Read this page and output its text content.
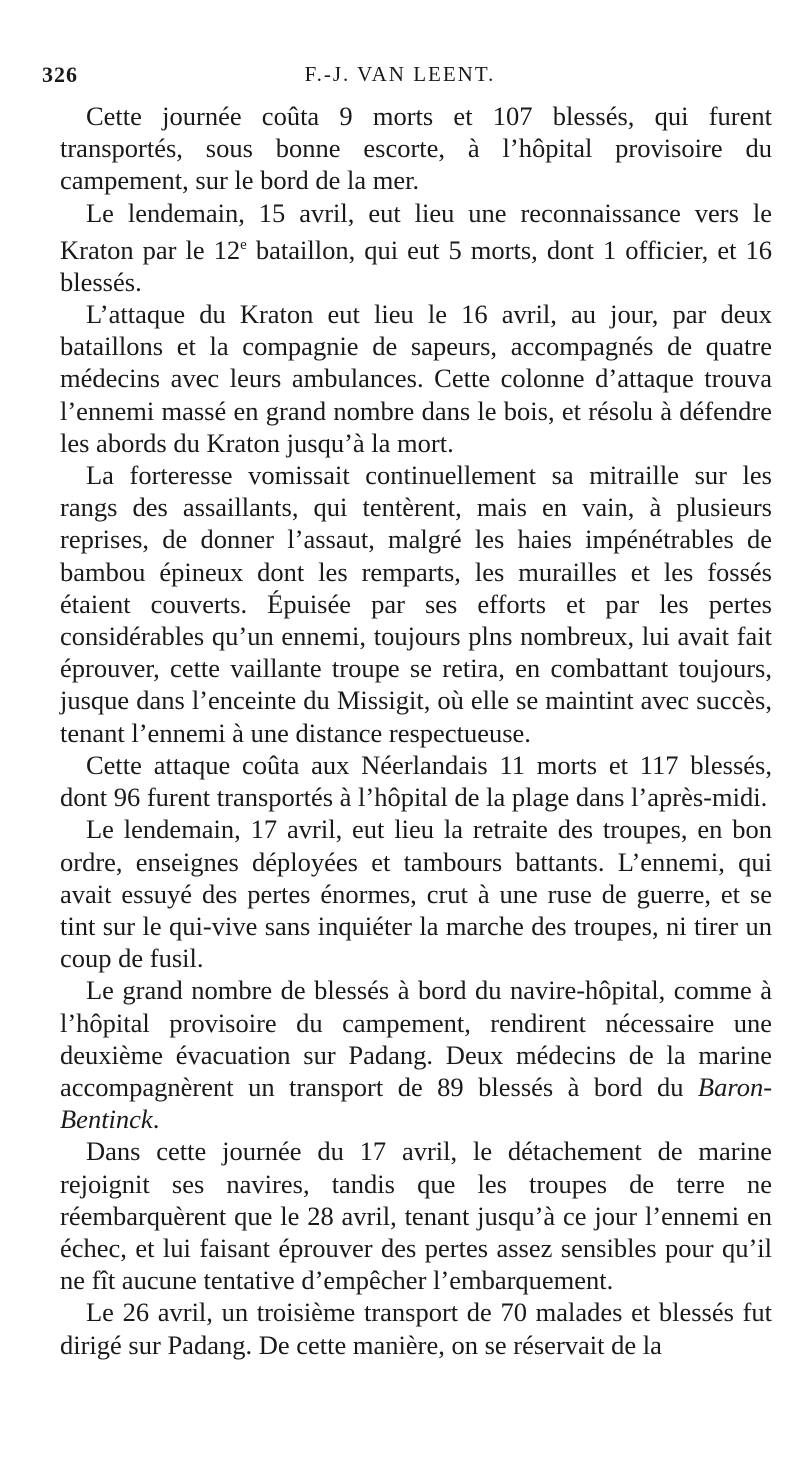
326	F.-J. VAN LEENT.

Cette journée coûta 9 morts et 107 blessés, qui furent transportés, sous bonne escorte, à l’hôpital provisoire du campement, sur le bord de la mer.

Le lendemain, 15 avril, eut lieu une reconnaissance vers le Kraton par le 12e bataillon, qui eut 5 morts, dont 1 officier, et 16 blessés.

L’attaque du Kraton eut lieu le 16 avril, au jour, par deux bataillons et la compagnie de sapeurs, accompagnés de quatre médecins avec leurs ambulances. Cette colonne d’attaque trouva l’ennemi massé en grand nombre dans le bois, et résolu à défendre les abords du Kraton jusqu’à la mort.

La forteresse vomissait continuellement sa mitraille sur les rangs des assaillants, qui tentèrent, mais en vain, à plusieurs reprises, de donner l’assaut, malgré les haies impénétrables de bambou épineux dont les remparts, les murailles et les fossés étaient couverts. Épuisée par ses efforts et par les pertes considérables qu’un ennemi, toujours plns nombreux, lui avait fait éprouver, cette vaillante troupe se retira, en combattant toujours, jusque dans l’enceinte du Missigit, où elle se maintint avec succès, tenant l’ennemi à une distance respectueuse.

Cette attaque coûta aux Néerlandais 11 morts et 117 blessés, dont 96 furent transportés à l’hôpital de la plage dans l’après-midi.

Le lendemain, 17 avril, eut lieu la retraite des troupes, en bon ordre, enseignes déployées et tambours battants. L’ennemi, qui avait essuyé des pertes énormes, crut à une ruse de guerre, et se tint sur le qui-vive sans inquiéter la marche des troupes, ni tirer un coup de fusil.

Le grand nombre de blessés à bord du navire-hôpital, comme à l’hôpital provisoire du campement, rendirent nécessaire une deuxième évacuation sur Padang. Deux médecins de la marine accompagnèrent un transport de 89 blessés à bord du Baron-Bentinck.

Dans cette journée du 17 avril, le détachement de marine rejoignit ses navires, tandis que les troupes de terre ne réembarquèrent que le 28 avril, tenant jusqu’à ce jour l’ennemi en échec, et lui faisant éprouver des pertes assez sensibles pour qu’il ne fît aucune tentative d’empêcher l’embarquement.

Le 26 avril, un troisième transport de 70 malades et blessés fut dirigé sur Padang. De cette manière, on se réservait de la
